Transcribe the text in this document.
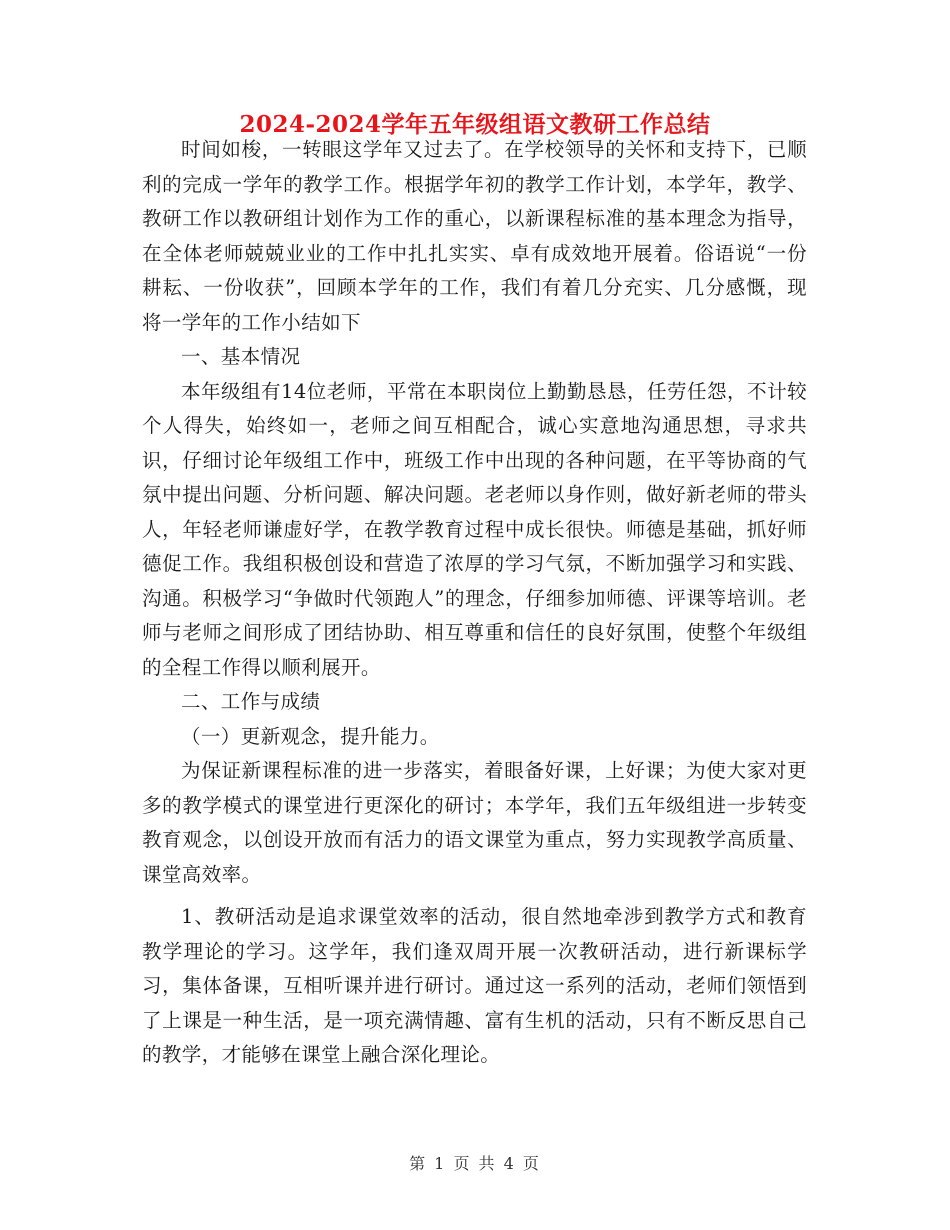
2024-2024学年五年级组语文教研工作总结

时间如梭，一转眼这学年又过去了。在学校领导的关怀和支持下，已顺利的完成一学年的教学工作。根据学年初的教学工作计划，本学年，教学、教研工作以教研组计划作为工作的重心，以新课程标准的基本理念为指导，在全体老师兢兢业业的工作中扎扎实实、卓有成效地开展着。俗语说“一份耕耘、一份收获”，回顾本学年的工作，我们有着几分充实、几分感慨，现将一学年的工作小结如下

一、基本情况

本年级组有14位老师，平常在本职岗位上勤勤恳恳，任劳任怨，不计较个人得失，始终如一，老师之间互相配合，诚心实意地沟通思想，寻求共识，仔细讨论年级组工作中，班级工作中出现的各种问题，在平等协商的气氛中提出问题、分析问题、解决问题。老老师以身作则，做好新老师的带头人，年轻老师谦虚好学，在教学教育过程中成长很快。师德是基础，抓好师德促工作。我组积极创设和营造了浓厚的学习气氛，不断加强学习和实践、沟通。积极学习“争做时代领跑人”的理念，仔细参加师德、评课等培训。老师与老师之间形成了团结协助、相互尊重和信任的良好氛围，使整个年级组的全程工作得以顺利展开。

二、工作与成绩

（一）更新观念，提升能力。

为保证新课程标准的进一步落实，着眼备好课，上好课；为使大家对更多的教学模式的课堂进行更深化的研讨；本学年，我们五年级组进一步转变教育观念，以创设开放而有活力的语文课堂为重点，努力实现教学高质量、课堂高效率。

1、教研活动是追求课堂效率的活动，很自然地牵涉到教学方式和教育教学理论的学习。这学年，我们逢双周开展一次教研活动，进行新课标学习，集体备课，互相听课并进行研讨。通过这一系列的活动，老师们领悟到了上课是一种生活，是一项充满情趣、富有生机的活动，只有不断反思自己的教学，才能够在课堂上融合深化理论。

第 1 页 共 4 页
